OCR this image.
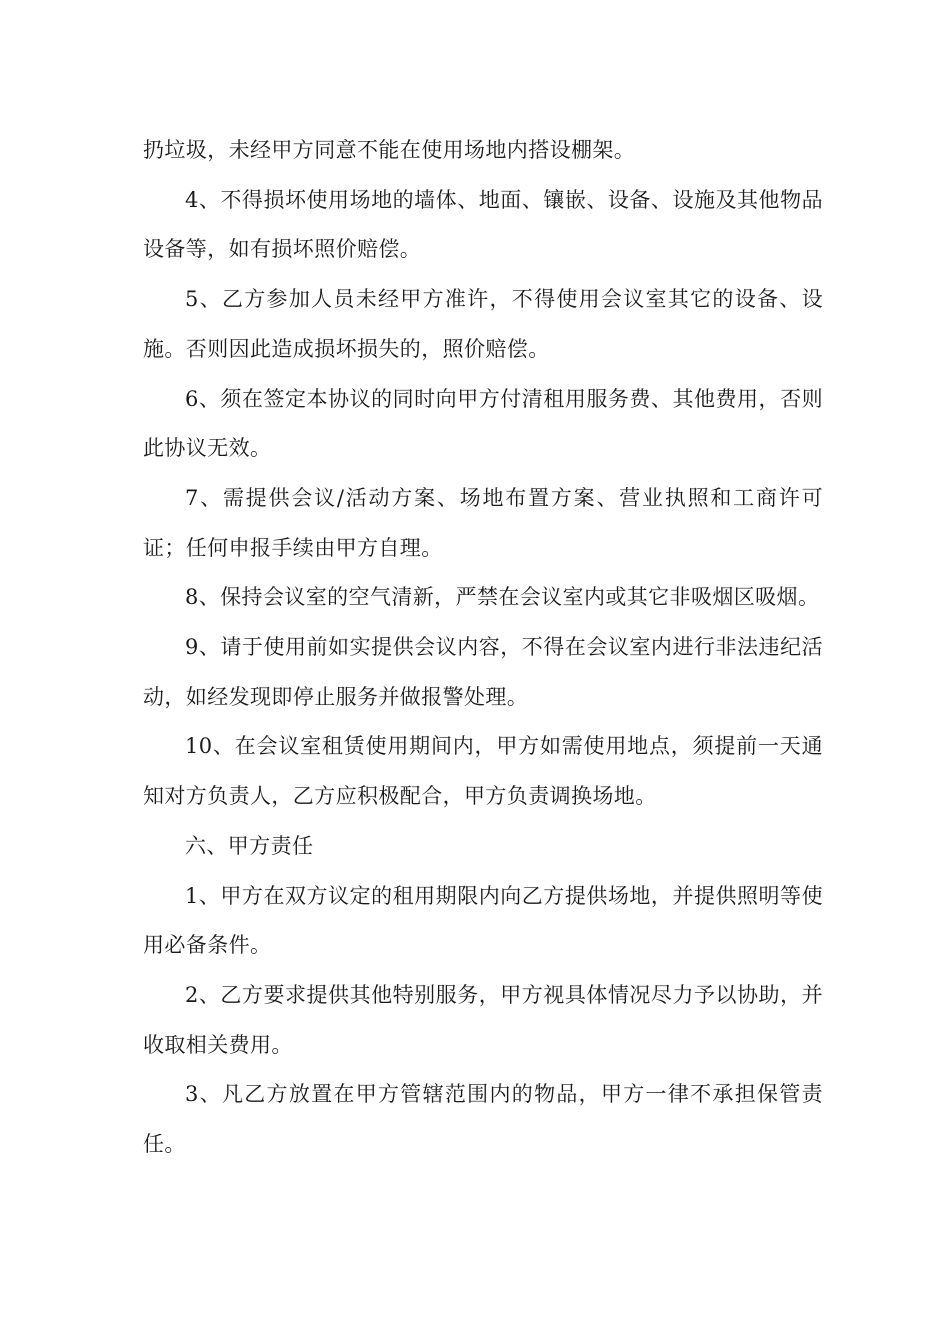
扔垃圾，未经甲方同意不能在使用场地内搭设棚架。

4、不得损坏使用场地的墙体、地面、镶嵌、设备、设施及其他物品设备等，如有损坏照价赔偿。

5、乙方参加人员未经甲方准许，不得使用会议室其它的设备、设施。否则因此造成损坏损失的，照价赔偿。

6、须在签定本协议的同时向甲方付清租用服务费、其他费用，否则此协议无效。

7、需提供会议/活动方案、场地布置方案、营业执照和工商许可证；任何申报手续由甲方自理。

8、保持会议室的空气清新，严禁在会议室内或其它非吸烟区吸烟。

9、请于使用前如实提供会议内容，不得在会议室内进行非法违纪活动，如经发现即停止服务并做报警处理。

10、在会议室租赁使用期间内，甲方如需使用地点，须提前一天通知对方负责人，乙方应积极配合，甲方负责调换场地。

六、甲方责任

1、甲方在双方议定的租用期限内向乙方提供场地，并提供照明等使用必备条件。

2、乙方要求提供其他特别服务，甲方视具体情况尽力予以协助，并收取相关费用。

3、凡乙方放置在甲方管辖范围内的物品，甲方一律不承担保管责任。
